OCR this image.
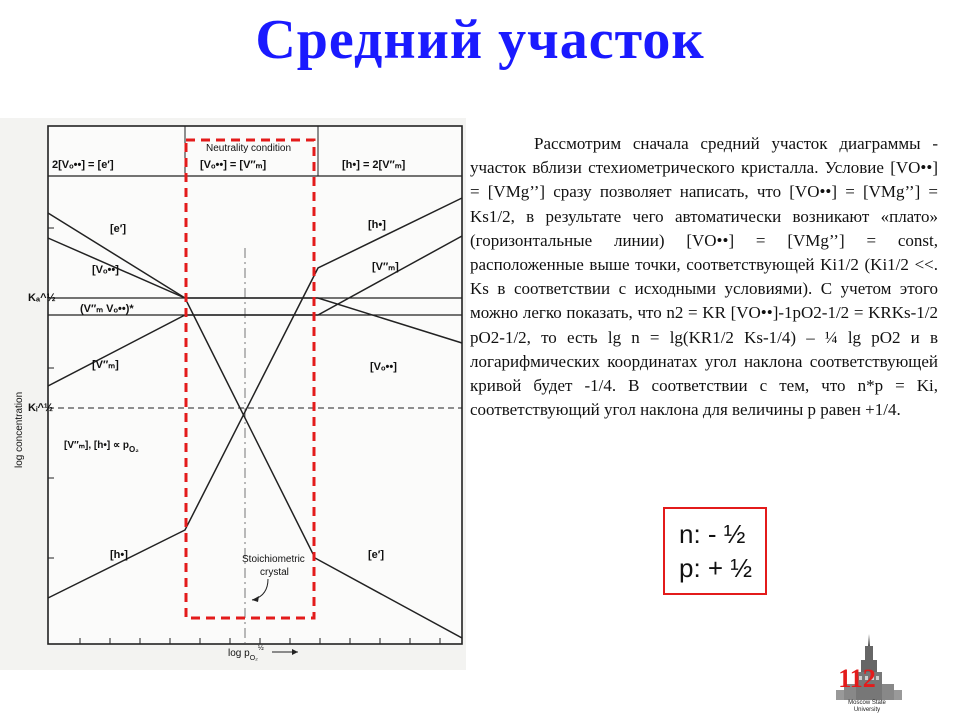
Средний участок
Neutrality condition
2[Vₒ••] = [e′]	[Vₒ••] = [V″ₘ]	[h•] = 2[V″ₘ]
Kₐ^½
Kᵢ^½
(V″ₘ Vₒ••)*
[e′]
[Vₒ••]
[V″ₘ]
[h•]
[h•]
[V″ₘ]
[Vₒ••]
[e′]
[V″ₘ], [h•] ∝ $p_{O_2}$
Stoichiometric
crystal
log concentration
$\log p_{O_2}^{\frac{1}{2}}$
Рассмотрим сначала средний участок диаграммы - участок вблизи стехиометрического кристалла. Условие [VO••] = [VMg’’] сразу позволяет написать, что [VO••] = [VMg’’] = Ks1/2, в результате чего автоматически возникают «плато» (горизонтальные линии) [VO••] = [VMg’’] = const, расположенные выше точки, соответствующей Ki1/2 (Ki1/2 <<. Ks в соответствии с исходными условиями). С учетом этого можно легко показать, что n2 = KR [VO••]-1pO2-1/2 = KRKs-1/2 pO2-1/2, то есть lg n = lg(KR1/2 Ks-1/4) – ¼ lg pO2 и в логарифмических координатах угол наклона соответствующей кривой будет -1/4. В соответствии с тем, что n*p = Ki, соответствующий угол наклона для величины p равен +1/4.
n: - ½
p: + ½
112
Moscow State
University
